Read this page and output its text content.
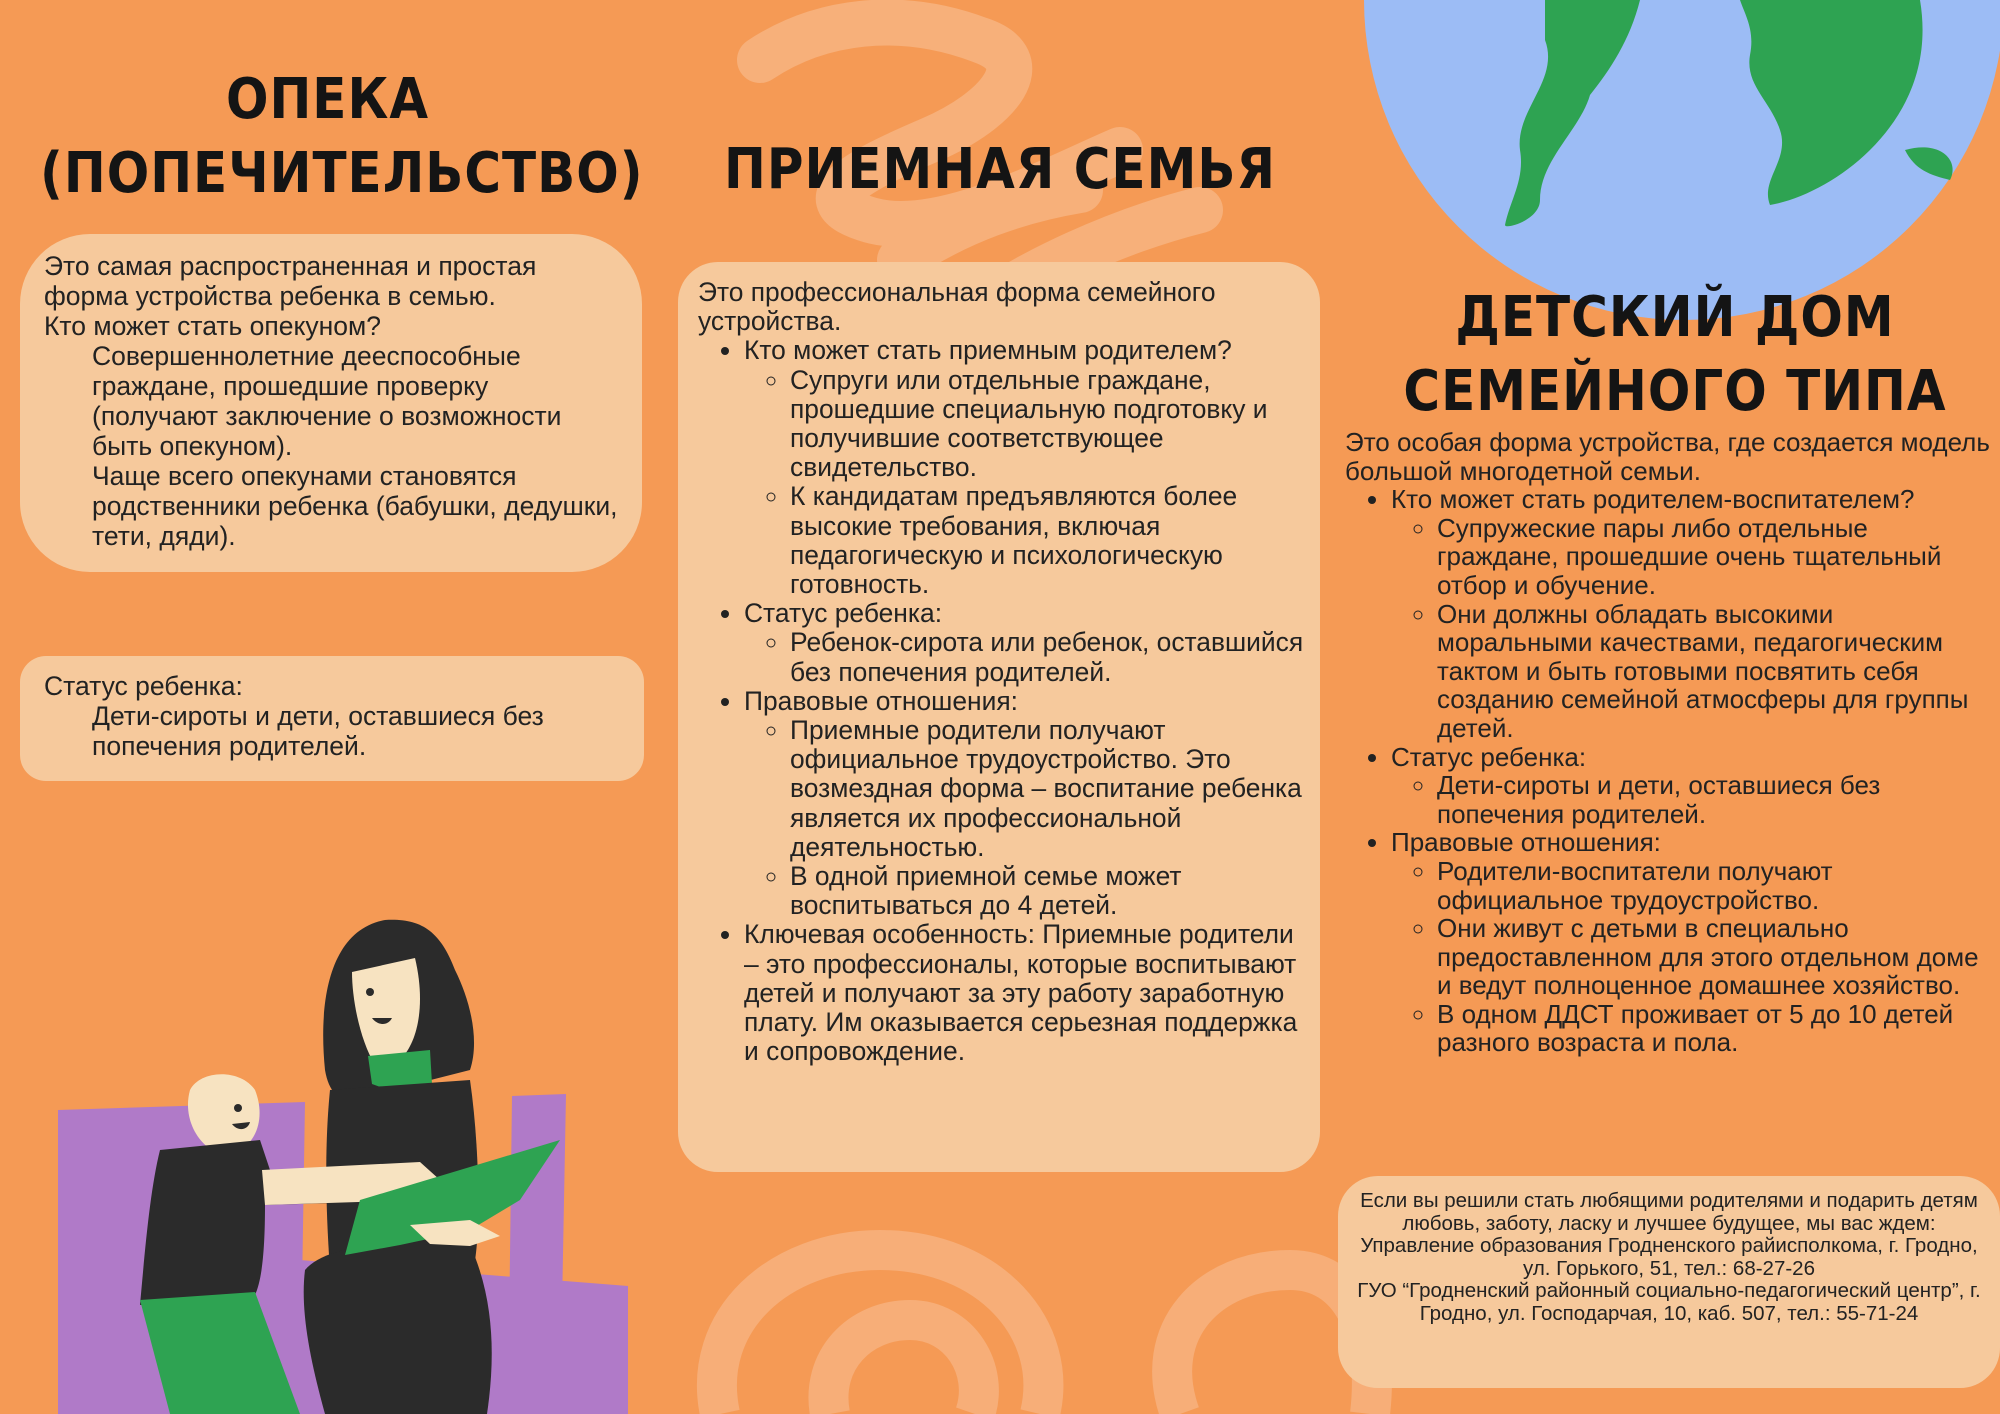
ОПЕКА
(ПОПЕЧИТЕЛЬСТВО)
Это самая распространенная и простая форма устройства ребенка в семью.
Кто может стать опекуном?
Совершеннолетние дееспособные граждане, прошедшие проверку (получают заключение о возможности быть опекуном).
Чаще всего опекунами становятся родственники ребенка (бабушки, дедушки, тети, дяди).
Статус ребенка:
Дети-сироты и дети, оставшиеся без попечения родителей.
ПРИЕМНАЯ СЕМЬЯ
Это профессиональная форма семейного устройства.
• Кто может стать приемным родителем?
◦ Супруги или отдельные граждане, прошедшие специальную подготовку и получившие соответствующее свидетельство.
◦ К кандидатам предъявляются более высокие требования, включая педагогическую и психологическую готовность.
• Статус ребенка:
◦ Ребенок-сирота или ребенок, оставшийся без попечения родителей.
• Правовые отношения:
◦ Приемные родители получают официальное трудоустройство. Это возмездная форма – воспитание ребенка является их профессиональной деятельностью.
◦ В одной приемной семье может воспитываться до 4 детей.
• Ключевая особенность: Приемные родители – это профессионалы, которые воспитывают детей и получают за эту работу заработную плату. Им оказывается серьезная поддержка и сопровождение.
ДЕТСКИЙ ДОМ
СЕМЕЙНОГО ТИПА
Это особая форма устройства, где создается модель большой многодетной семьи.
• Кто может стать родителем-воспитателем?
◦ Супружеские пары либо отдельные граждане, прошедшие очень тщательный отбор и обучение.
◦ Они должны обладать высокими моральными качествами, педагогическим тактом и быть готовыми посвятить себя созданию семейной атмосферы для группы детей.
• Статус ребенка:
◦ Дети-сироты и дети, оставшиеся без попечения родителей.
• Правовые отношения:
◦ Родители-воспитатели получают официальное трудоустройство.
◦ Они живут с детьми в специально предоставленном для этого отдельном доме и ведут полноценное домашнее хозяйство.
◦ В одном ДДСТ проживает от 5 до 10 детей разного возраста и пола.
Если вы решили стать любящими родителями и подарить детям любовь, заботу, ласку и лучшее будущее, мы вас ждем:
Управление образования Гродненского райисполкома, г. Гродно, ул. Горького, 51, тел.: 68-27-26
ГУО “Гродненский районный социально-педагогический центр”, г. Гродно, ул. Господарчая, 10, каб. 507, тел.: 55-71-24
